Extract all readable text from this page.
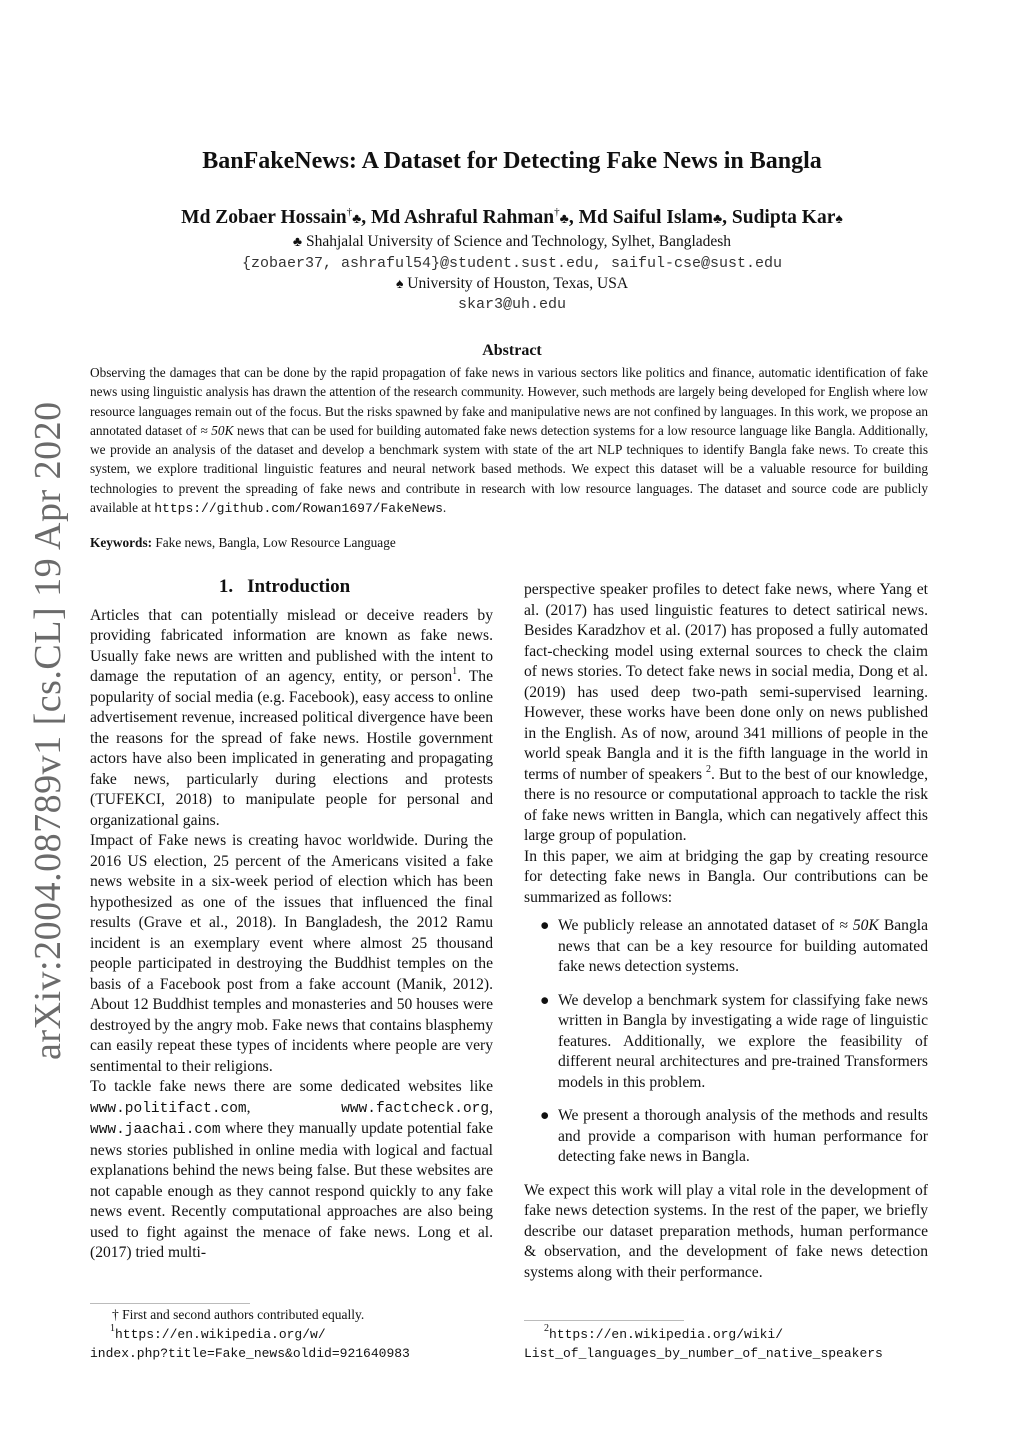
arXiv:2004.08789v1 [cs.CL] 19 Apr 2020
BanFakeNews: A Dataset for Detecting Fake News in Bangla
Md Zobaer Hossain†♣, Md Ashraful Rahman†♣, Md Saiful Islam♣, Sudipta Kar♠
♣ Shahjalal University of Science and Technology, Sylhet, Bangladesh
{zobaer37, ashraful54}@student.sust.edu, saiful-cse@sust.edu
♠ University of Houston, Texas, USA
skar3@uh.edu
Abstract
Observing the damages that can be done by the rapid propagation of fake news in various sectors like politics and finance, automatic identification of fake news using linguistic analysis has drawn the attention of the research community. However, such methods are largely being developed for English where low resource languages remain out of the focus. But the risks spawned by fake and manipulative news are not confined by languages. In this work, we propose an annotated dataset of ≈ 50K news that can be used for building automated fake news detection systems for a low resource language like Bangla. Additionally, we provide an analysis of the dataset and develop a benchmark system with state of the art NLP techniques to identify Bangla fake news. To create this system, we explore traditional linguistic features and neural network based methods. We expect this dataset will be a valuable resource for building technologies to prevent the spreading of fake news and contribute in research with low resource languages. The dataset and source code are publicly available at https://github.com/Rowan1697/FakeNews.
Keywords: Fake news, Bangla, Low Resource Language
1. Introduction

Articles that can potentially mislead or deceive readers by providing fabricated information are known as fake news. Usually fake news are written and published with the intent to damage the reputation of an agency, entity, or person$^1$. The popularity of social media (e.g. Facebook), easy access to online advertisement revenue, increased political divergence have been the reasons for the spread of fake news. Hostile government actors have also been implicated in generating and propagating fake news, particularly during elections and protests (TUFEKCI, 2018) to manipulate people for personal and organizational gains.

Impact of Fake news is creating havoc worldwide. During the 2016 US election, 25 percent of the Americans visited a fake news website in a six-week period of election which has been hypothesized as one of the issues that influenced the final results (Grave et al., 2018). In Bangladesh, the 2012 Ramu incident is an exemplary event where almost 25 thousand people participated in destroying the Buddhist temples on the basis of a Facebook post from a fake account (Manik, 2012). About 12 Buddhist temples and monasteries and 50 houses were destroyed by the angry mob. Fake news that contains blasphemy can easily repeat these types of incidents where people are very sentimental to their religions.

To tackle fake news there are some dedicated websites like www.politifact.com, www.factcheck.org, www.jaachai.com where they manually update potential fake news stories published in online media with logical and factual explanations behind the news being false. But these websites are not capable enough as they cannot respond quickly to any fake news event. Recently computational approaches are also being used to fight against the menace of fake news. Long et al. (2017) tried multi-

perspective speaker profiles to detect fake news, where Yang et al. (2017) has used linguistic features to detect satirical news. Besides Karadzhov et al. (2017) has proposed a fully automated fact-checking model using external sources to check the claim of news stories. To detect fake news in social media, Dong et al. (2019) has used deep two-path semi-supervised learning. However, these works have been done only on news published in the English. As of now, around 341 millions of people in the world speak Bangla and it is the fifth language in the world in terms of number of speakers $^2$. But to the best of our knowledge, there is no resource or computational approach to tackle the risk of fake news written in Bangla, which can negatively affect this large group of population.

In this paper, we aim at bridging the gap by creating resource for detecting fake news in Bangla. Our contributions can be summarized as follows:

● We publicly release an annotated dataset of ≈ 50K Bangla news that can be a key resource for building automated fake news detection systems.
● We develop a benchmark system for classifying fake news written in Bangla by investigating a wide rage of linguistic features. Additionally, we explore the feasibility of different neural architectures and pre-trained Transformers models in this problem.
● We present a thorough analysis of the methods and results and provide a comparison with human performance for detecting fake news in Bangla.

We expect this work will play a vital role in the development of fake news detection systems. In the rest of the paper, we briefly describe our dataset preparation methods, human performance & observation, and the development of fake news detection systems along with their performance.

† First and second authors contributed equally.
$^1$https://en.wikipedia.org/w/
index.php?title=Fake_news&oldid=921640983
$^2$https://en.wikipedia.org/wiki/
List_of_languages_by_number_of_native_speakers
